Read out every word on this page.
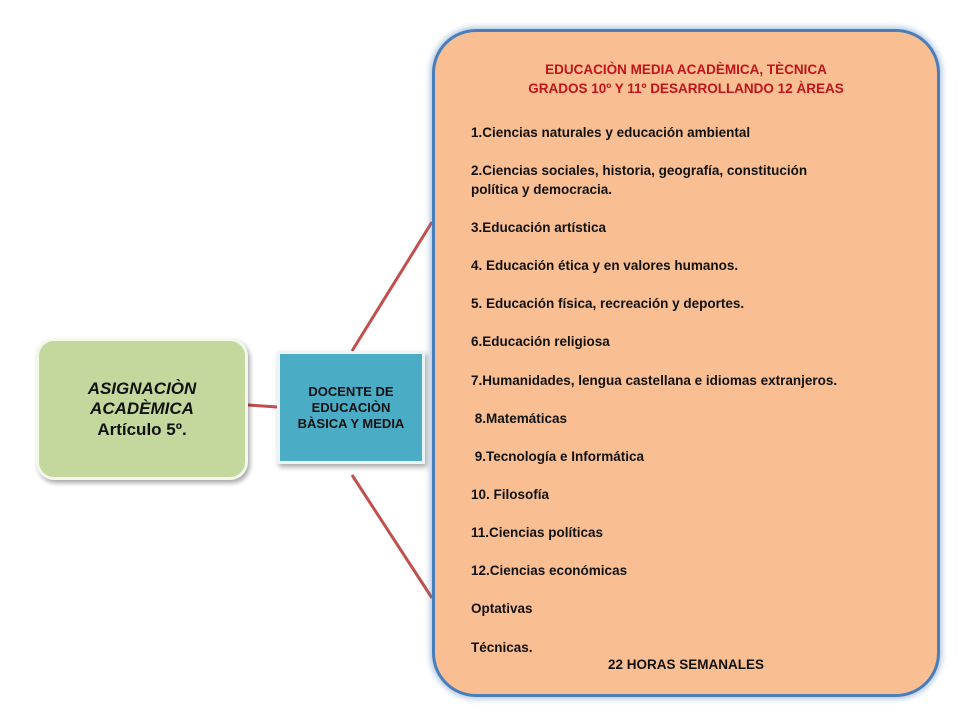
ASIGNACIÒN
ACADÈMICA
Artículo 5º.
DOCENTE DE EDUCACIÒN BÀSICA Y MEDIA
EDUCACIÒN MEDIA ACADÈMICA, TÈCNICA
GRADOS 10º Y 11º DESARROLLANDO 12 ÀREAS
1.Ciencias naturales y educación ambiental
2.Ciencias sociales, historia, geografía, constitución
política y democracia.
3.Educación artística
4. Educación ética y en valores humanos.
5. Educación física, recreación y deportes.
6.Educación religiosa
7.Humanidades, lengua castellana e idiomas extranjeros.
8.Matemáticas
9.Tecnología e Informática
10. Filosofía
11.Ciencias políticas
12.Ciencias económicas
Optativas
Técnicas.
22 HORAS SEMANALES
